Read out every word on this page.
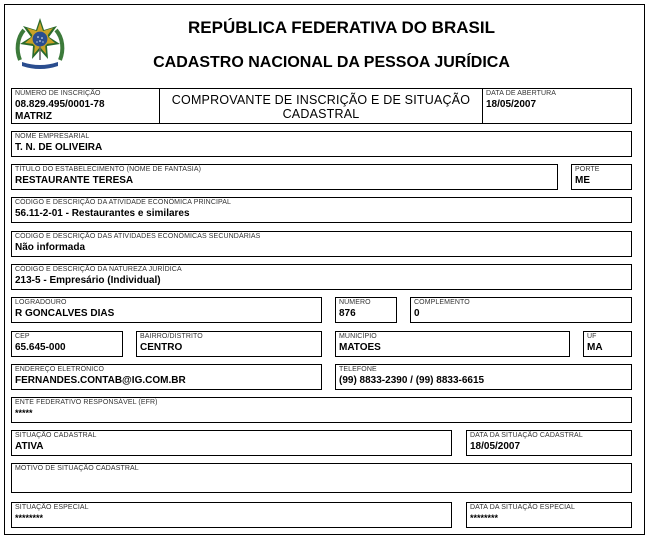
REPÚBLICA FEDERATIVA DO BRASIL
CADASTRO NACIONAL DA PESSOA JURÍDICA
NÚMERO DE INSCRIÇÃO
08.829.495/0001-78
MATRIZ
COMPROVANTE DE INSCRIÇÃO E DE SITUAÇÃO
CADASTRAL
DATA DE ABERTURA
18/05/2007
NOME EMPRESARIAL
T. N. DE OLIVEIRA
TÍTULO DO ESTABELECIMENTO (NOME DE FANTASIA)
RESTAURANTE TERESA
PORTE
ME
CÓDIGO E DESCRIÇÃO DA ATIVIDADE ECONÔMICA PRINCIPAL
56.11-2-01 - Restaurantes e similares
CÓDIGO E DESCRIÇÃO DAS ATIVIDADES ECONÔMICAS SECUNDÁRIAS
Não informada
CÓDIGO E DESCRIÇÃO DA NATUREZA JURÍDICA
213-5 - Empresário (Individual)
LOGRADOURO
R GONCALVES DIAS
NÚMERO
876
COMPLEMENTO
0
CEP
65.645-000
BAIRRO/DISTRITO
CENTRO
MUNICÍPIO
MATOES
UF
MA
ENDEREÇO ELETRÔNICO
FERNANDES.CONTAB@IG.COM.BR
TELEFONE
(99) 8833-2390 / (99) 8833-6615
ENTE FEDERATIVO RESPONSÁVEL (EFR)
*****
SITUAÇÃO CADASTRAL
ATIVA
DATA DA SITUAÇÃO CADASTRAL
18/05/2007
MOTIVO DE SITUAÇÃO CADASTRAL
SITUAÇÃO ESPECIAL
********
DATA DA SITUAÇÃO ESPECIAL
********
